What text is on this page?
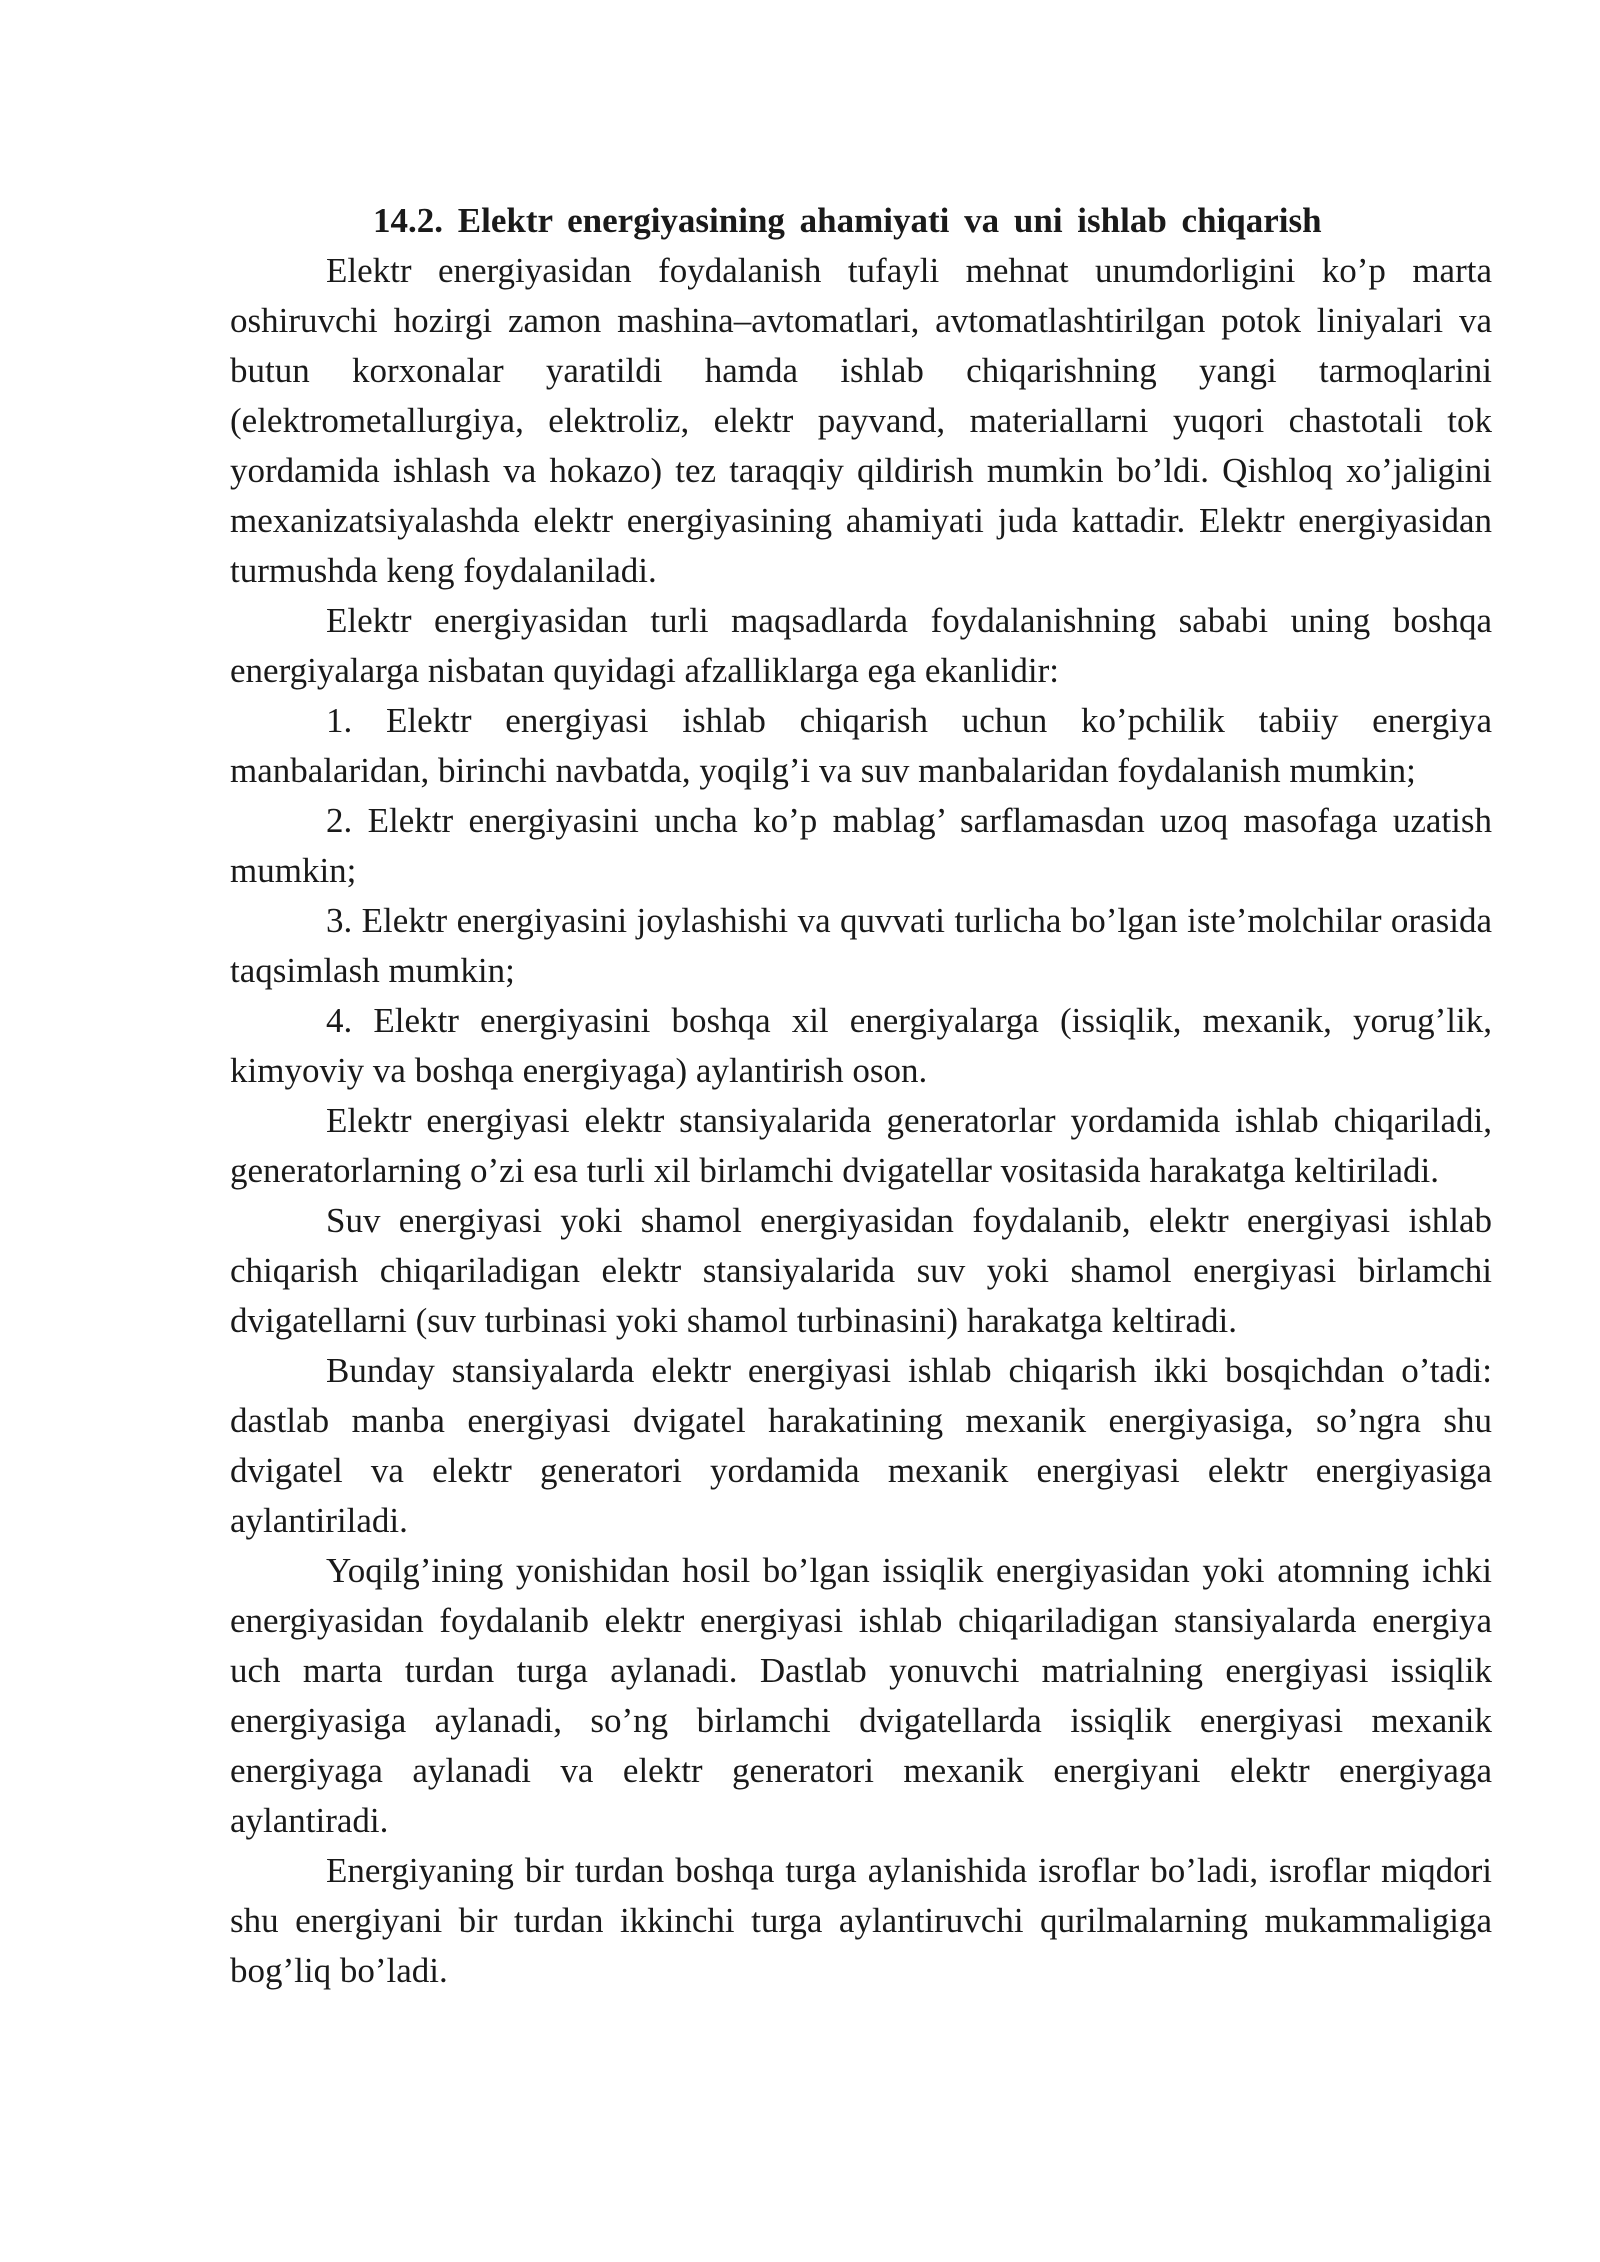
14.2. Elektr energiyasining ahamiyati va uni ishlab chiqarish

Elektr energiyasidan foydalanish tufayli mehnat unumdorligini ko’p marta oshiruvchi hozirgi zamon mashina–avtomatlari, avtomatlashtirilgan potok liniyalari va butun korxonalar yaratildi hamda ishlab chiqarishning yangi tarmoqlarini (elektrometallurgiya, elektroliz, elektr payvand, materiallarni yuqori chastotali tok yordamida ishlash va hokazo) tez taraqqiy qildirish mumkin bo’ldi. Qishloq xo’jaligini mexanizatsiyalashda elektr energiyasining ahamiyati juda kattadir. Elektr energiyasidan turmushda keng foydalaniladi.

Elektr energiyasidan turli maqsadlarda foydalanishning sababi uning boshqa energiyalarga nisbatan quyidagi afzalliklarga ega ekanlidir:

1. Elektr energiyasi ishlab chiqarish uchun ko’pchilik tabiiy energiya manbalaridan, birinchi navbatda, yoqilg’i va suv manbalaridan foydalanish mumkin;

2. Elektr energiyasini uncha ko’p mablag’ sarflamasdan uzoq masofaga uzatish mumkin;

3. Elektr energiyasini joylashishi va quvvati turlicha bo’lgan iste’molchilar orasida taqsimlash mumkin;

4. Elektr energiyasini boshqa xil energiyalarga (issiqlik, mexanik, yorug’lik, kimyoviy va boshqa energiyaga) aylantirish oson.

Elektr energiyasi elektr stansiyalarida generatorlar yordamida ishlab chiqariladi, generatorlarning o’zi esa turli xil birlamchi dvigatellar vositasida harakatga keltiriladi.

Suv energiyasi yoki shamol energiyasidan foydalanib, elektr energiyasi ishlab chiqarish chiqariladigan elektr stansiyalarida suv yoki shamol energiyasi birlamchi dvigatellarni (suv turbinasi yoki shamol turbinasini) harakatga keltiradi.

Bunday stansiyalarda elektr energiyasi ishlab chiqarish ikki bosqichdan o’tadi: dastlab manba energiyasi dvigatel harakatining mexanik energiyasiga, so’ngra shu dvigatel va elektr generatori yordamida mexanik energiyasi elektr energiyasiga aylantiriladi.

Yoqilg’ining yonishidan hosil bo’lgan issiqlik energiyasidan yoki atomning ichki energiyasidan foydalanib elektr energiyasi ishlab chiqariladigan stansiyalarda energiya uch marta turdan turga aylanadi. Dastlab yonuvchi matrialning energiyasi issiqlik energiyasiga aylanadi, so’ng birlamchi dvigatellarda issiqlik energiyasi mexanik energiyaga aylanadi va elektr generatori mexanik energiyani elektr energiyaga aylantiradi.

Energiyaning bir turdan boshqa turga aylanishida isroflar bo’ladi, isroflar miqdori shu energiyani bir turdan ikkinchi turga aylantiruvchi qurilmalarning mukammaligiga bog’liq bo’ladi.
